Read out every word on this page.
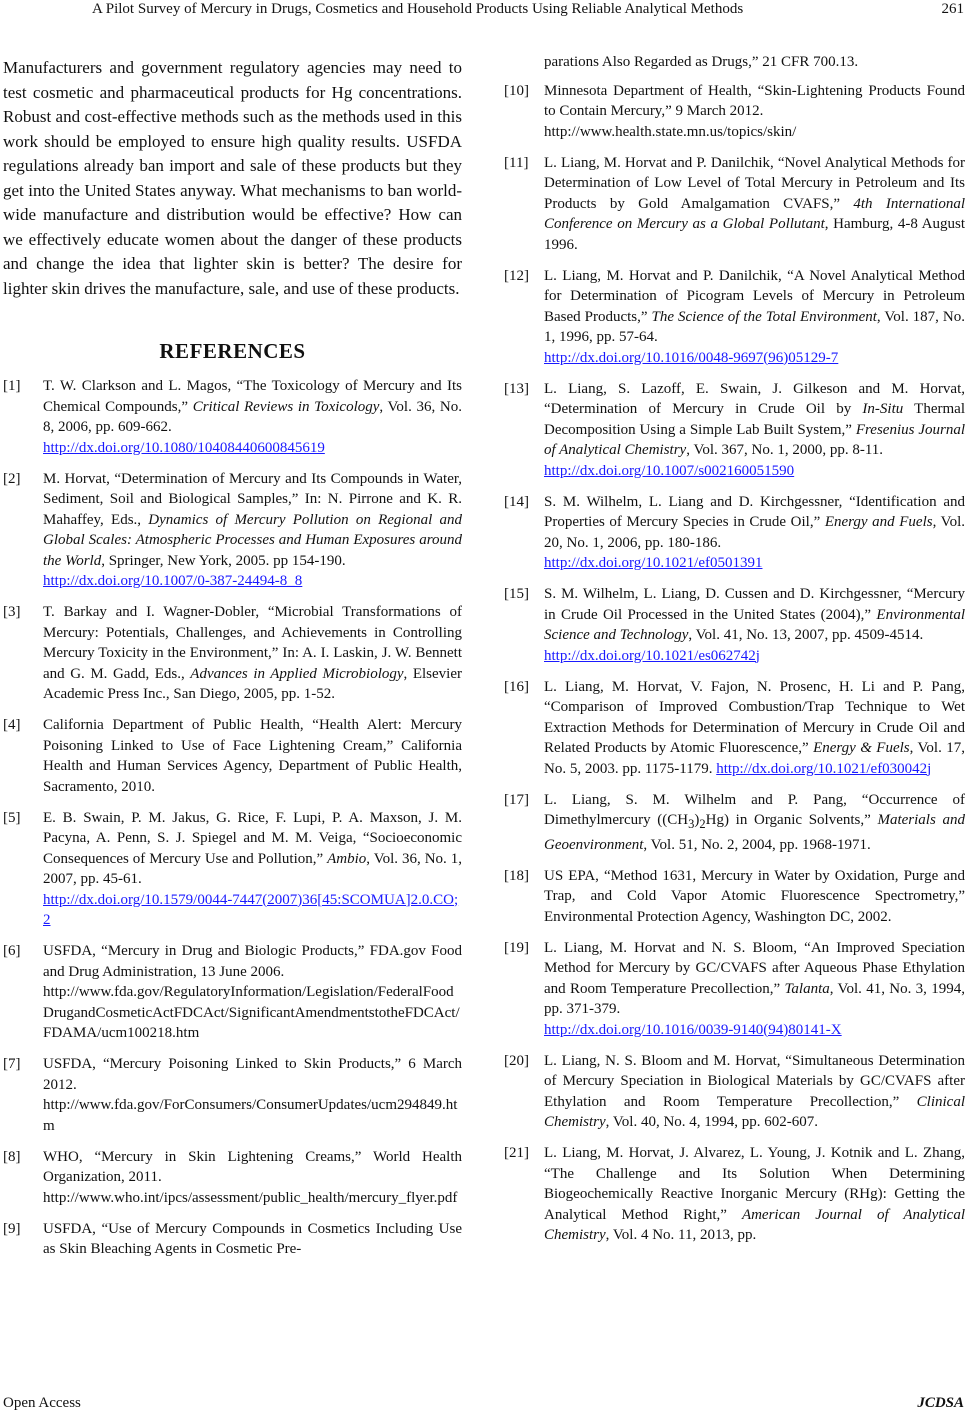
A Pilot Survey of Mercury in Drugs, Cosmetics and Household Products Using Reliable Analytical Methods	261

Manufacturers and government regulatory agencies may need to test cosmetic and pharmaceutical products for Hg concentrations. Robust and cost-effective methods such as the methods used in this work should be employed to ensure high quality results. USFDA regulations already ban import and sale of these products but they get into the United States anyway. What mechanisms to ban world-wide manufacture and distribution would be effective? How can we effectively educate women about the danger of these products and change the idea that lighter skin is better? The desire for lighter skin drives the manufacture, sale, and use of these products.

REFERENCES
[1]	T. W. Clarkson and L. Magos, “The Toxicology of Mercury and Its Chemical Compounds,” Critical Reviews in Toxicology, Vol. 36, No. 8, 2006, pp. 609-662.
http://dx.doi.org/10.1080/10408440600845619
[2]	M. Horvat, “Determination of Mercury and Its Compounds in Water, Sediment, Soil and Biological Samples,” In: N. Pirrone and K. R. Mahaffey, Eds., Dynamics of Mercury Pollution on Regional and Global Scales: Atmospheric Processes and Human Exposures around the World, Springer, New York, 2005. pp 154-190.
http://dx.doi.org/10.1007/0-387-24494-8_8
[3]	T. Barkay and I. Wagner-Dobler, “Microbial Transformations of Mercury: Potentials, Challenges, and Achievements in Controlling Mercury Toxicity in the Environment,” In: A. I. Laskin, J. W. Bennett and G. M. Gadd, Eds., Advances in Applied Microbiology, Elsevier Academic Press Inc., San Diego, 2005, pp. 1-52.
[4]	California Department of Public Health, “Health Alert: Mercury Poisoning Linked to Use of Face Lightening Cream,” California Health and Human Services Agency, Department of Public Health, Sacramento, 2010.
[5]	E. B. Swain, P. M. Jakus, G. Rice, F. Lupi, P. A. Maxson, J. M. Pacyna, A. Penn, S. J. Spiegel and M. M. Veiga, “Socioeconomic Consequences of Mercury Use and Pollution,” Ambio, Vol. 36, No. 1, 2007, pp. 45-61.
http://dx.doi.org/10.1579/0044-7447(2007)36[45:SCOMUA]2.0.CO;2
[6]	USFDA, “Mercury in Drug and Biologic Products,” FDA.gov Food and Drug Administration, 13 June 2006.
http://www.fda.gov/RegulatoryInformation/Legislation/FederalFoodDrugandCosmeticActFDCAct/SignificantAmendmentstotheFDCAct/FDAMA/ucm100218.htm
[7]	USFDA, “Mercury Poisoning Linked to Skin Products,” 6 March 2012.
http://www.fda.gov/ForConsumers/ConsumerUpdates/ucm294849.htm
[8]	WHO, “Mercury in Skin Lightening Creams,” World Health Organization, 2011.
http://www.who.int/ipcs/assessment/public_health/mercury_flyer.pdf
[9]	USFDA, “Use of Mercury Compounds in Cosmetics Including Use as Skin Bleaching Agents in Cosmetic Pre-
parations Also Regarded as Drugs,” 21 CFR 700.13.
[10]	Minnesota Department of Health, “Skin-Lightening Products Found to Contain Mercury,” 9 March 2012.
http://www.health.state.mn.us/topics/skin/
[11]	L. Liang, M. Horvat and P. Danilchik, “Novel Analytical Methods for Determination of Low Level of Total Mercury in Petroleum and Its Products by Gold Amalgamation CVAFS,” 4th International Conference on Mercury as a Global Pollutant, Hamburg, 4-8 August 1996.
[12]	L. Liang, M. Horvat and P. Danilchik, “A Novel Analytical Method for Determination of Picogram Levels of Mercury in Petroleum Based Products,” The Science of the Total Environment, Vol. 187, No. 1, 1996, pp. 57-64.
http://dx.doi.org/10.1016/0048-9697(96)05129-7
[13]	L. Liang, S. Lazoff, E. Swain, J. Gilkeson and M. Horvat, “Determination of Mercury in Crude Oil by In-Situ Thermal Decomposition Using a Simple Lab Built System,” Fresenius Journal of Analytical Chemistry, Vol. 367, No. 1, 2000, pp. 8-11.
http://dx.doi.org/10.1007/s002160051590
[14]	S. M. Wilhelm, L. Liang and D. Kirchgessner, “Identification and Properties of Mercury Species in Crude Oil,” Energy and Fuels, Vol. 20, No. 1, 2006, pp. 180-186.
http://dx.doi.org/10.1021/ef0501391
[15]	S. M. Wilhelm, L. Liang, D. Cussen and D. Kirchgessner, “Mercury in Crude Oil Processed in the United States (2004),” Environmental Science and Technology, Vol. 41, No. 13, 2007, pp. 4509-4514.
http://dx.doi.org/10.1021/es062742j
[16]	L. Liang, M. Horvat, V. Fajon, N. Prosenc, H. Li and P. Pang, “Comparison of Improved Combustion/Trap Technique to Wet Extraction Methods for Determination of Mercury in Crude Oil and Related Products by Atomic Fluorescence,” Energy & Fuels, Vol. 17, No. 5, 2003. pp. 1175-1179. http://dx.doi.org/10.1021/ef030042j
[17]	L. Liang, S. M. Wilhelm and P. Pang, “Occurrence of Dimethylmercury $((CH_3)_2Hg)$ in Organic Solvents,” Materials and Geoenvironment, Vol. 51, No. 2, 2004, pp. 1968-1971.
[18]	US EPA, “Method 1631, Mercury in Water by Oxidation, Purge and Trap, and Cold Vapor Atomic Fluorescence Spectrometry,” Environmental Protection Agency, Washington DC, 2002.
[19]	L. Liang, M. Horvat and N. S. Bloom, “An Improved Speciation Method for Mercury by GC/CVAFS after Aqueous Phase Ethylation and Room Temperature Precollection,” Talanta, Vol. 41, No. 3, 1994, pp. 371-379.
http://dx.doi.org/10.1016/0039-9140(94)80141-X
[20]	L. Liang, N. S. Bloom and M. Horvat, “Simultaneous Determination of Mercury Speciation in Biological Materials by GC/CVAFS after Ethylation and Room Temperature Precollection,” Clinical Chemistry, Vol. 40, No. 4, 1994, pp. 602-607.
[21]	L. Liang, M. Horvat, J. Alvarez, L. Young, J. Kotnik and L. Zhang, “The Challenge and Its Solution When Determining Biogeochemically Reactive Inorganic Mercury (RHg): Getting the Analytical Method Right,” American Journal of Analytical Chemistry, Vol. 4 No. 11, 2013, pp.
Open Access	JCDSA
